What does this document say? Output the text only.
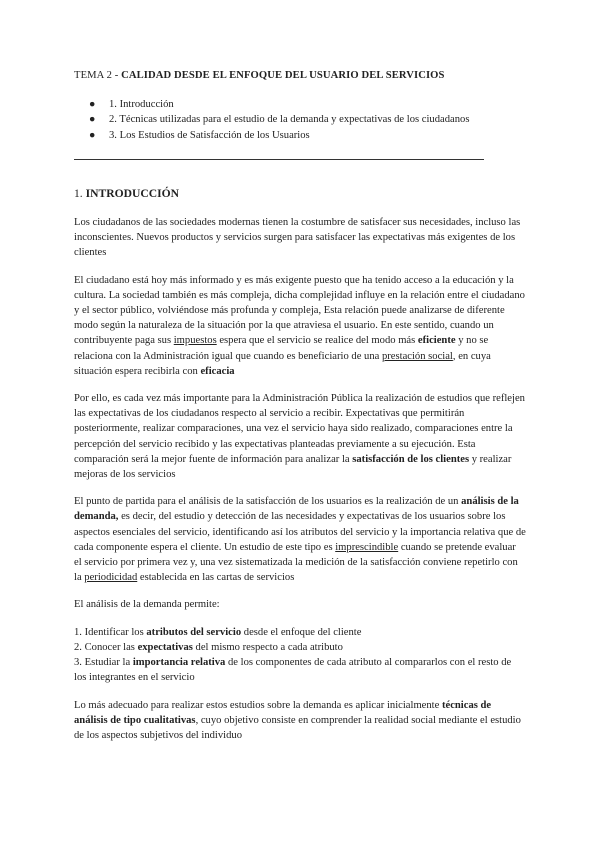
TEMA 2 - CALIDAD DESDE EL ENFOQUE DEL USUARIO DEL SERVICIOS
● 1. Introducción
● 2. Técnicas utilizadas para el estudio de la demanda y expectativas de los ciudadanos
● 3. Los Estudios de Satisfacción de los Usuarios
1. INTRODUCCIÓN

Los ciudadanos de las sociedades modernas tienen la costumbre de satisfacer sus necesidades, incluso las inconscientes. Nuevos productos y servicios surgen para satisfacer las expectativas más exigentes de los clientes

El ciudadano está hoy más informado y es más exigente puesto que ha tenido acceso a la educación y la cultura. La sociedad también es más compleja, dicha complejidad influye en la relación entre el ciudadano y el sector público, volviéndose más profunda y compleja, Esta relación puede analizarse de diferente modo según la naturaleza de la situación por la que atraviesa el usuario. En este sentido, cuando un contribuyente paga sus impuestos espera que el servicio se realice del modo más eficiente y no se relaciona con la Administración igual que cuando es beneficiario de una prestación social, en cuya situación espera recibirla con eficacia

Por ello, es cada vez más importante para la Administración Pública la realización de estudios que reflejen las expectativas de los ciudadanos respecto al servicio a recibir. Expectativas que permitirán posteriormente, realizar comparaciones, una vez el servicio haya sido realizado, comparaciones entre la percepción del servicio recibido y las expectativas planteadas previamente a su ejecución. Esta comparación será la mejor fuente de información para analizar la satisfacción de los clientes y realizar mejoras de los servicios

El punto de partida para el análisis de la satisfacción de los usuarios es la realización de un análisis de la demanda, es decir, del estudio y detección de las necesidades y expectativas de los usuarios sobre los aspectos esenciales del servicio, identificando así los atributos del servicio y la importancia relativa que de cada componente espera el cliente. Un estudio de este tipo es imprescindible cuando se pretende evaluar el servicio por primera vez y, una vez sistematizada la medición de la satisfacción conviene repetirlo con la periodicidad establecida en las cartas de servicios

El análisis de la demanda permite:

1. Identificar los atributos del servicio desde el enfoque del cliente
2. Conocer las expectativas del mismo respecto a cada atributo
3. Estudiar la importancia relativa de los componentes de cada atributo al compararlos con el resto de los integrantes en el servicio

Lo más adecuado para realizar estos estudios sobre la demanda es aplicar inicialmente técnicas de análisis de tipo cualitativas, cuyo objetivo consiste en comprender la realidad social mediante el estudio de los aspectos subjetivos del individuo
